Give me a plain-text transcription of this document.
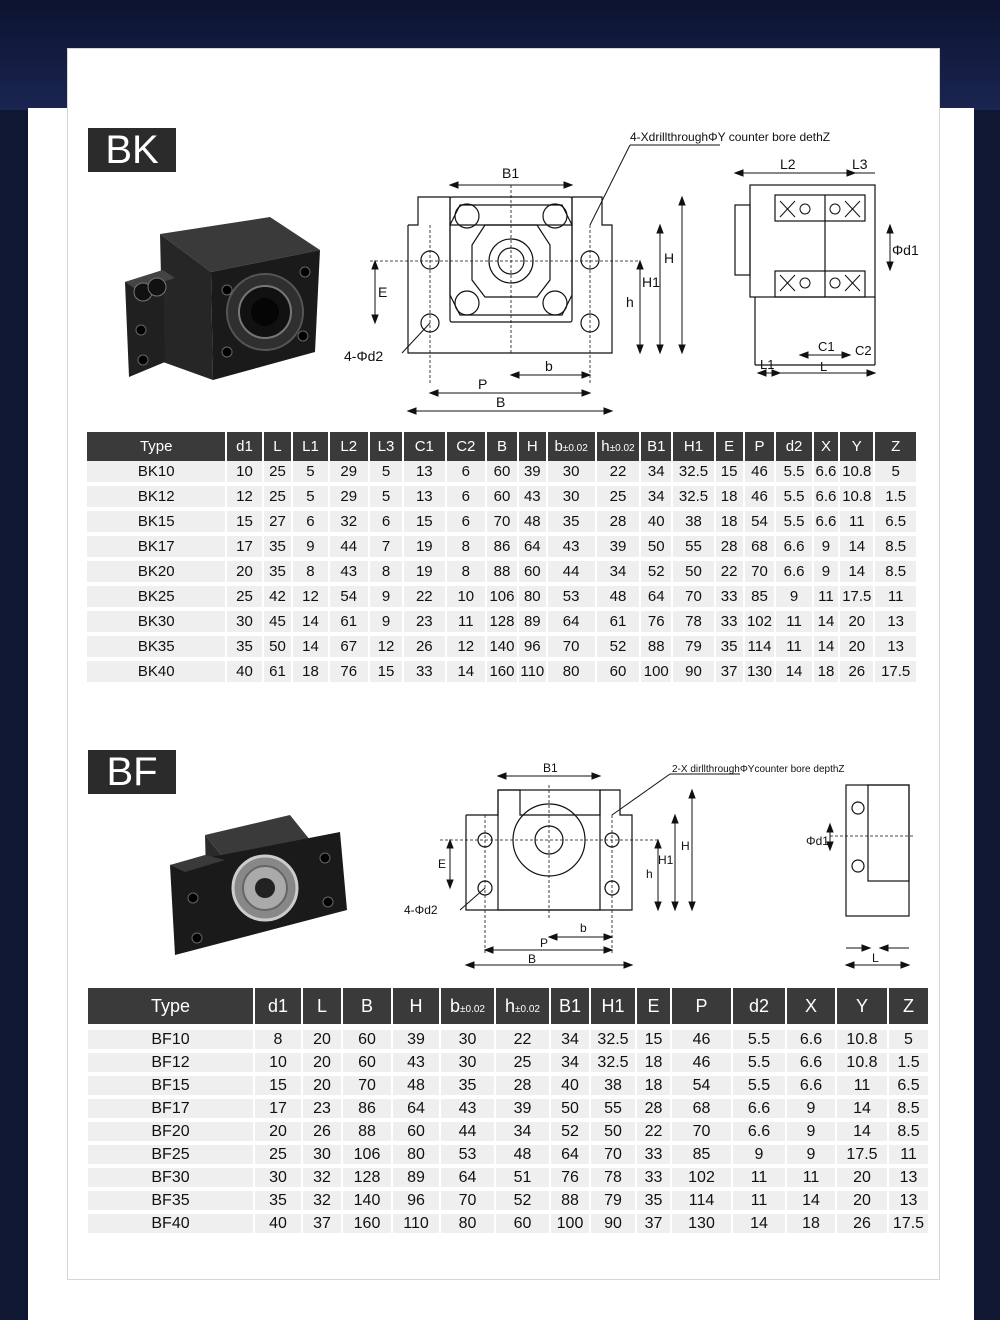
BK	4-XdrillthroughΦY counter bore dethZ
B1
H
H1
h
E
4-Φd2
b
P
B
L2	L3
Φd1
L1
C1 C2
L
Type	d1	L	L1	L2	L3	C1	C2	B	H	b±0.02	h±0.02	B1	H1	E	P	d2	X	Y	Z
BK10	10	25	5	29	5	13	6	60	39	30	22	34	32.5	15	46	5.5	6.6	10.8	5
BK12	12	25	5	29	5	13	6	60	43	30	25	34	32.5	18	46	5.5	6.6	10.8	1.5
BK15	15	27	6	32	6	15	6	70	48	35	28	40	38	18	54	5.5	6.6	11	6.5
BK17	17	35	9	44	7	19	8	86	64	43	39	50	55	28	68	6.6	9	14	8.5
BK20	20	35	8	43	8	19	8	88	60	44	34	52	50	22	70	6.6	9	14	8.5
BK25	25	42	12	54	9	22	10	106	80	53	48	64	70	33	85	9	11	17.5	11
BK30	30	45	14	61	9	23	11	128	89	64	61	76	78	33	102	11	14	20	13
BK35	35	50	14	67	12	26	12	140	96	70	52	88	79	35	114	11	14	20	13
BK40	40	61	18	76	15	33	14	160	110	80	60	100	90	37	130	14	18	26	17.5
BF	2-X dirllthroughΦYcounter bore depthZ
B1
H
H1
h
E
4-Φd2
b
P
B
Φd1
L
Type	d1	L	B	H	b±0.02	h±0.02	B1	H1	E	P	d2	X	Y	Z

BF10	8	20	60	39	30	22	34	32.5	15	46	5.5	6.6	10.8	5
BF12	10	20	60	43	30	25	34	32.5	18	46	5.5	6.6	10.8	1.5
BF15	15	20	70	48	35	28	40	38	18	54	5.5	6.6	11	6.5
BF17	17	23	86	64	43	39	50	55	28	68	6.6	9	14	8.5
BF20	20	26	88	60	44	34	52	50	22	70	6.6	9	14	8.5
BF25	25	30	106	80	53	48	64	70	33	85	9	9	17.5	11
BF30	30	32	128	89	64	51	76	78	33	102	11	11	20	13
BF35	35	32	140	96	70	52	88	79	35	114	11	14	20	13
BF40	40	37	160	110	80	60	100	90	37	130	14	18	26	17.5
